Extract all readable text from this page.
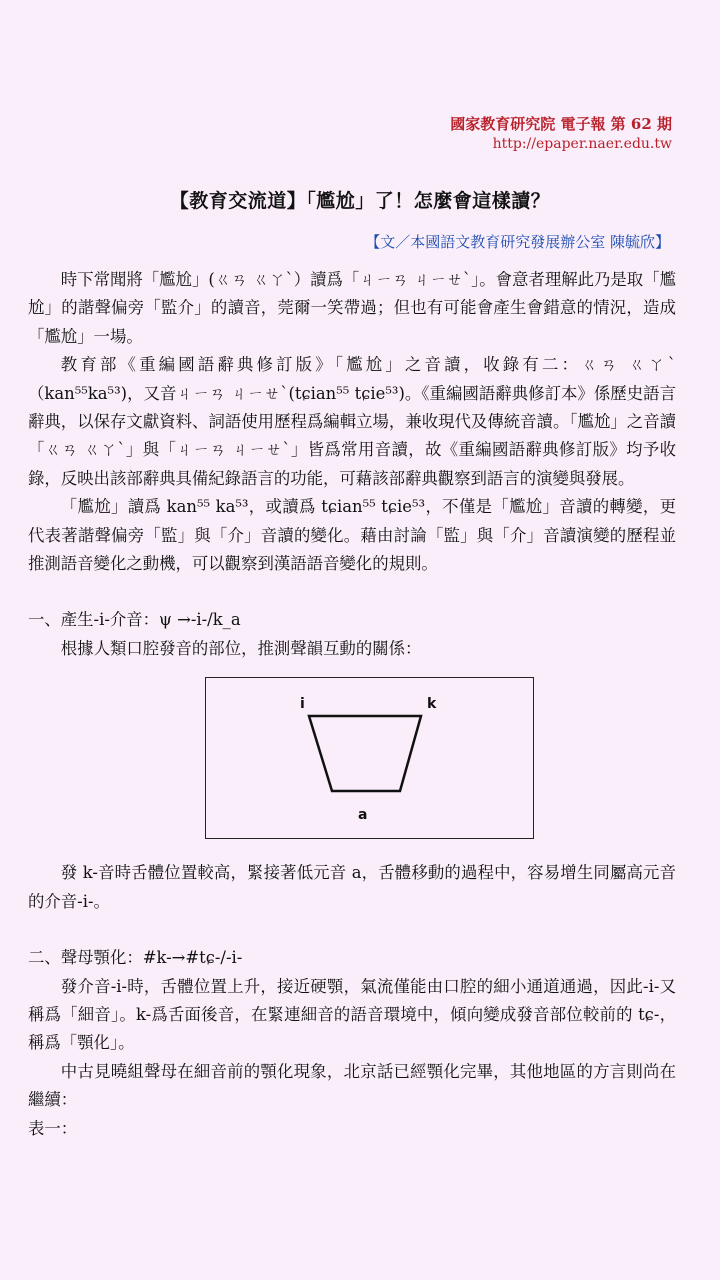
國家教育研究院 電子報 第 62 期
http://epaper.naer.edu.tw
【教育交流道】「尷尬」了！怎麼會這樣讀？
【文／本國語文教育研究發展辦公室 陳毓欣】

時下常聞將「尷尬」(ㄍㄢ ㄍㄚˋ）讀爲「ㄐㄧㄢ ㄐㄧㄝˋ」。會意者理解此乃是取「尷尬」的諧聲偏旁「監介」的讀音，莞爾一笑帶過；但也有可能會產生會錯意的情況，造成「尷尬」一場。

教育部《重編國語辭典修訂版》「尷尬」之音讀，收錄有二：ㄍㄢ ㄍㄚˋ（kan⁵⁵ka⁵³)，又音ㄐㄧㄢ ㄐㄧㄝˋ(tɕian⁵⁵ tɕie⁵³)。《重編國語辭典修訂本》係歷史語言辭典，以保存文獻資料、詞語使用歷程爲編輯立場，兼收現代及傳統音讀。「尷尬」之音讀「ㄍㄢ ㄍㄚˋ」與「ㄐㄧㄢ ㄐㄧㄝˋ」皆爲常用音讀，故《重編國語辭典修訂版》均予收錄，反映出該部辭典具備紀錄語言的功能，可藉該部辭典觀察到語言的演變與發展。

「尷尬」讀爲 kan⁵⁵ ka⁵³，或讀爲 tɕian⁵⁵ tɕie⁵³，不僅是「尷尬」音讀的轉變，更代表著諧聲偏旁「監」與「介」音讀的變化。藉由討論「監」與「介」音讀演變的歷程並推測語音變化之動機，可以觀察到漢語語音變化的規則。

一、產生-i-介音：ψ →-i-/k_a

根據人類口腔發音的部位，推測聲韻互動的關係：

i	k
a

發 k-音時舌體位置較高，緊接著低元音 a，舌體移動的過程中，容易增生同屬高元音的介音-i-。

二、聲母顎化：#k-→#tɕ-/-i-

發介音-i-時，舌體位置上升，接近硬顎，氣流僅能由口腔的細小通道通過，因此-i-又稱爲「細音」。k-爲舌面後音，在緊連細音的語音環境中，傾向變成發音部位較前的 tɕ-，稱爲「顎化」。

中古見曉組聲母在細音前的顎化現象，北京話已經顎化完畢，其他地區的方言則尚在繼續：

表一：
